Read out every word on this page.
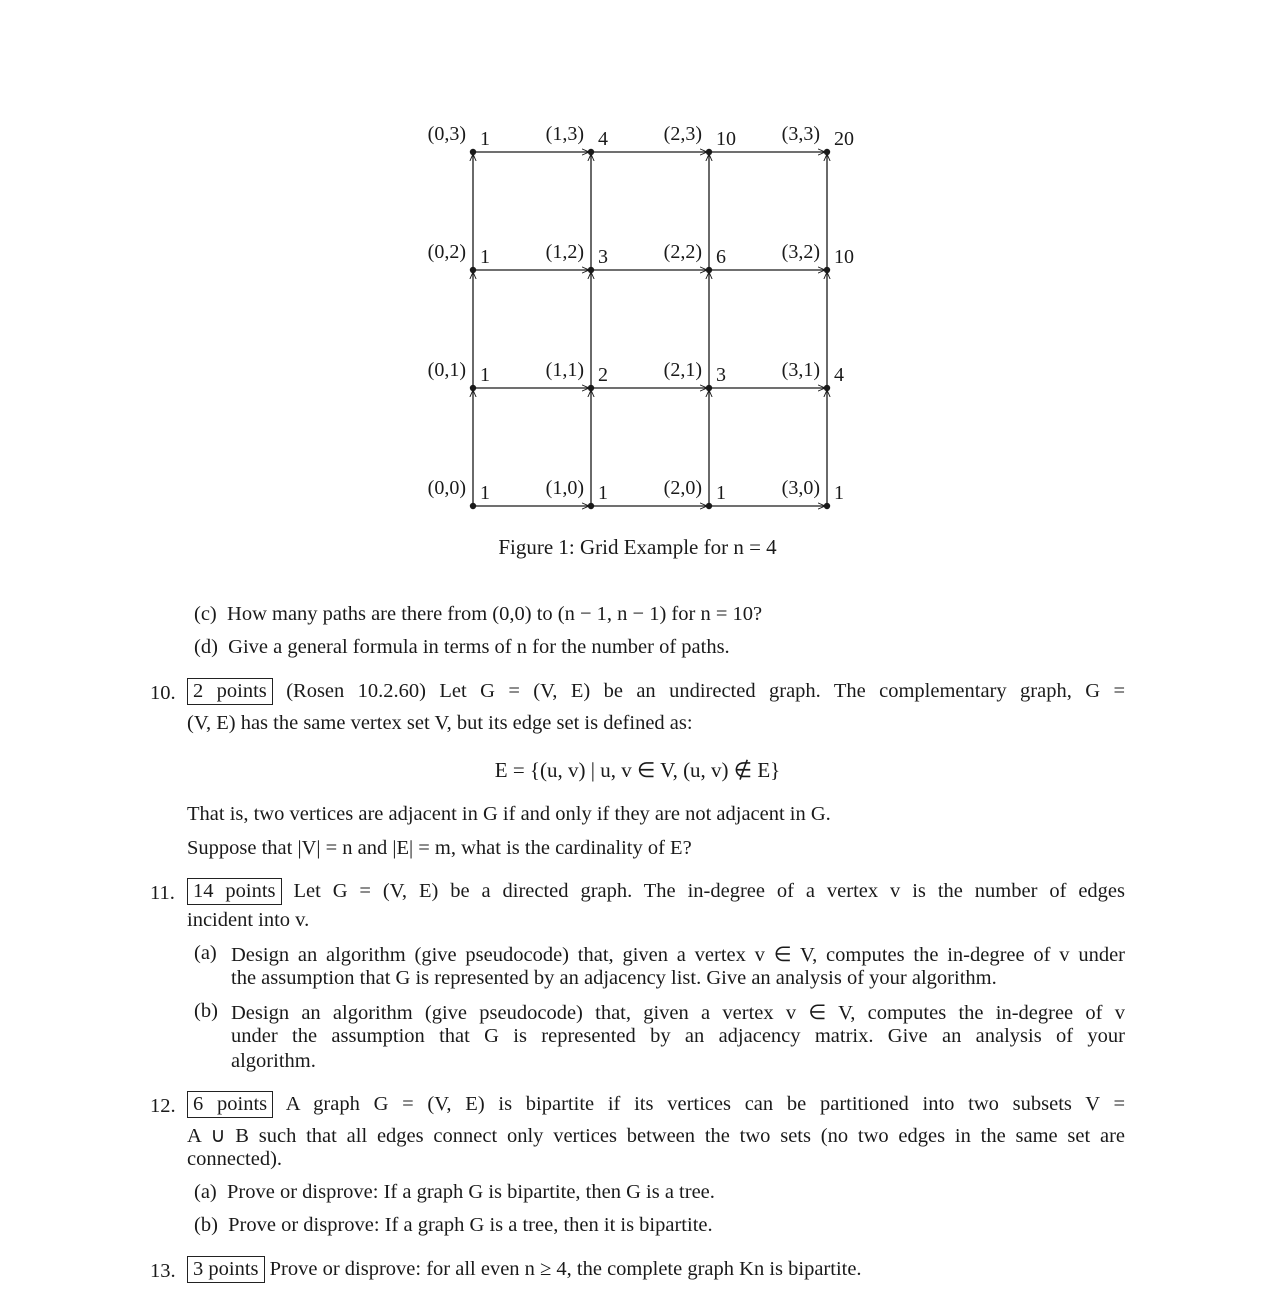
(0,0) 1	(1,0) 1	(2,0) 1	(3,0) 1
(0,1) 1	(1,1) 2	(2,1) 3	(3,1) 4
(0,2) 1	(1,2) 3	(2,2) 6	(3,2) 10
(0,3) 1	(1,3) 4	(2,3) 10 (3,3) 20
Figure 1: Grid Example for n = 4
(c) How many paths are there from (0,0) to (n − 1, n − 1) for n = 10?
(d) Give a general formula in terms of n for the number of paths.
10. 2 points (Rosen 10.2.60) Let G = (V, E) be an undirected graph. The complementary graph, G =
(V, E) has the same vertex set V, but its edge set is defined as:
E = {(u, v) | u, v ∈ V, (u, v) ∉ E}
That is, two vertices are adjacent in G if and only if they are not adjacent in G.
Suppose that |V| = n and |E| = m, what is the cardinality of E?
11. 14 points Let G = (V, E) be a directed graph. The in-degree of a vertex v is the number of edges
incident into v.
(a) Design an algorithm (give pseudocode) that, given a vertex v ∈ V, computes the in-degree of v under
the assumption that G is represented by an adjacency list. Give an analysis of your algorithm.
(b) Design an algorithm (give pseudocode) that, given a vertex v ∈ V, computes the in-degree of v
under the assumption that G is represented by an adjacency matrix. Give an analysis of your
algorithm.
12. 6 points A graph G = (V, E) is bipartite if its vertices can be partitioned into two subsets V =
A ∪ B such that all edges connect only vertices between the two sets (no two edges in the same set are
connected).
(a) Prove or disprove: If a graph G is bipartite, then G is a tree.
(b) Prove or disprove: If a graph G is a tree, then it is bipartite.
13. 3 points Prove or disprove: for all even n ≥ 4, the complete graph Kn is bipartite.
